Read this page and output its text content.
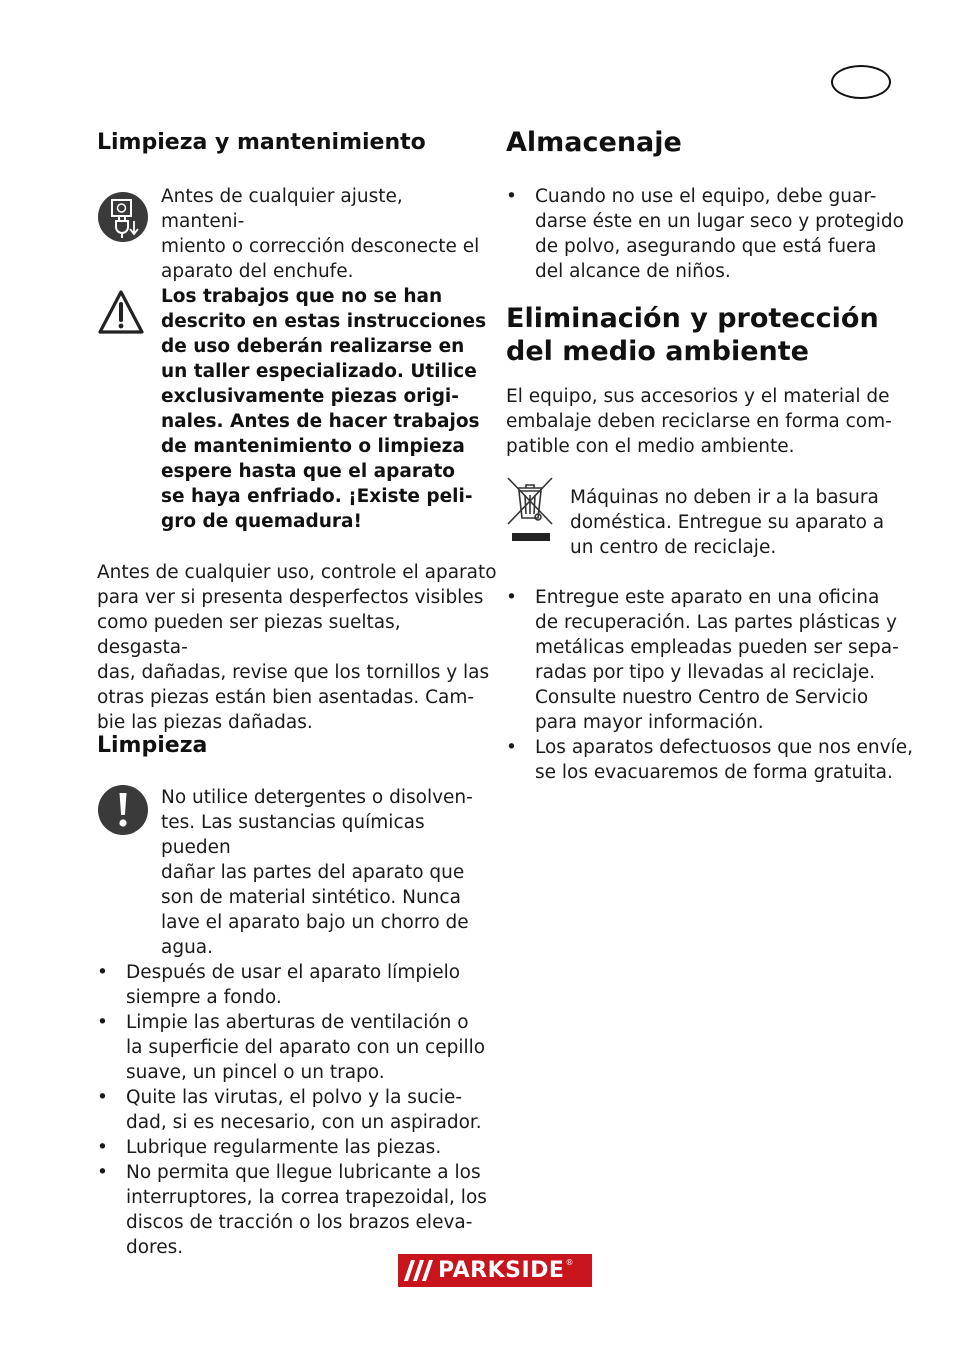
Limpieza y mantenimiento
Antes de cualquier ajuste, manteni-
miento o corrección desconecte el
aparato del enchufe.
Los trabajos que no se han
descrito en estas instrucciones
de uso deberán realizarse en
un taller especializado. Utilice
exclusivamente piezas origi-
nales. Antes de hacer trabajos
de mantenimiento o limpieza
espere hasta que el aparato
se haya enfriado. ¡Existe peli-
gro de quemadura!
Antes de cualquier uso, controle el aparato
para ver si presenta desperfectos visibles
como pueden ser piezas sueltas, desgasta-
das, dañadas, revise que los tornillos y las
otras piezas están bien asentadas. Cam-
bie las piezas dañadas.
Limpieza
No utilice detergentes o disolven-
tes. Las sustancias químicas pueden
dañar las partes del aparato que
son de material sintético. Nunca
lave el aparato bajo un chorro de
agua.
• Después de usar el aparato límpielo
siempre a fondo.
• Limpie las aberturas de ventilación o
la superficie del aparato con un cepillo
suave, un pincel o un trapo.
• Quite las virutas, el polvo y la sucie-
dad, si es necesario, con un aspirador.
• Lubrique regularmente las piezas.
• No permita que llegue lubricante a los
interruptores, la correa trapezoidal, los
discos de tracción o los brazos eleva-
dores.
Almacenaje
• Cuando no use el equipo, debe guar-
darse éste en un lugar seco y protegido
de polvo, asegurando que está fuera
del alcance de niños.
Eliminación y protección
del medio ambiente
El equipo, sus accesorios y el material de
embalaje deben reciclarse en forma com-
patible con el medio ambiente.
Máquinas no deben ir a la basura
doméstica. Entregue su aparato a
un centro de reciclaje.
• Entregue este aparato en una oficina
de recuperación. Las partes plásticas y
metálicas empleadas pueden ser sepa-
radas por tipo y llevadas al reciclaje.
Consulte nuestro Centro de Servicio
para mayor información.
• Los aparatos defectuosos que nos envíe,
se los evacuaremos de forma gratuita.
PARKSIDE ®
